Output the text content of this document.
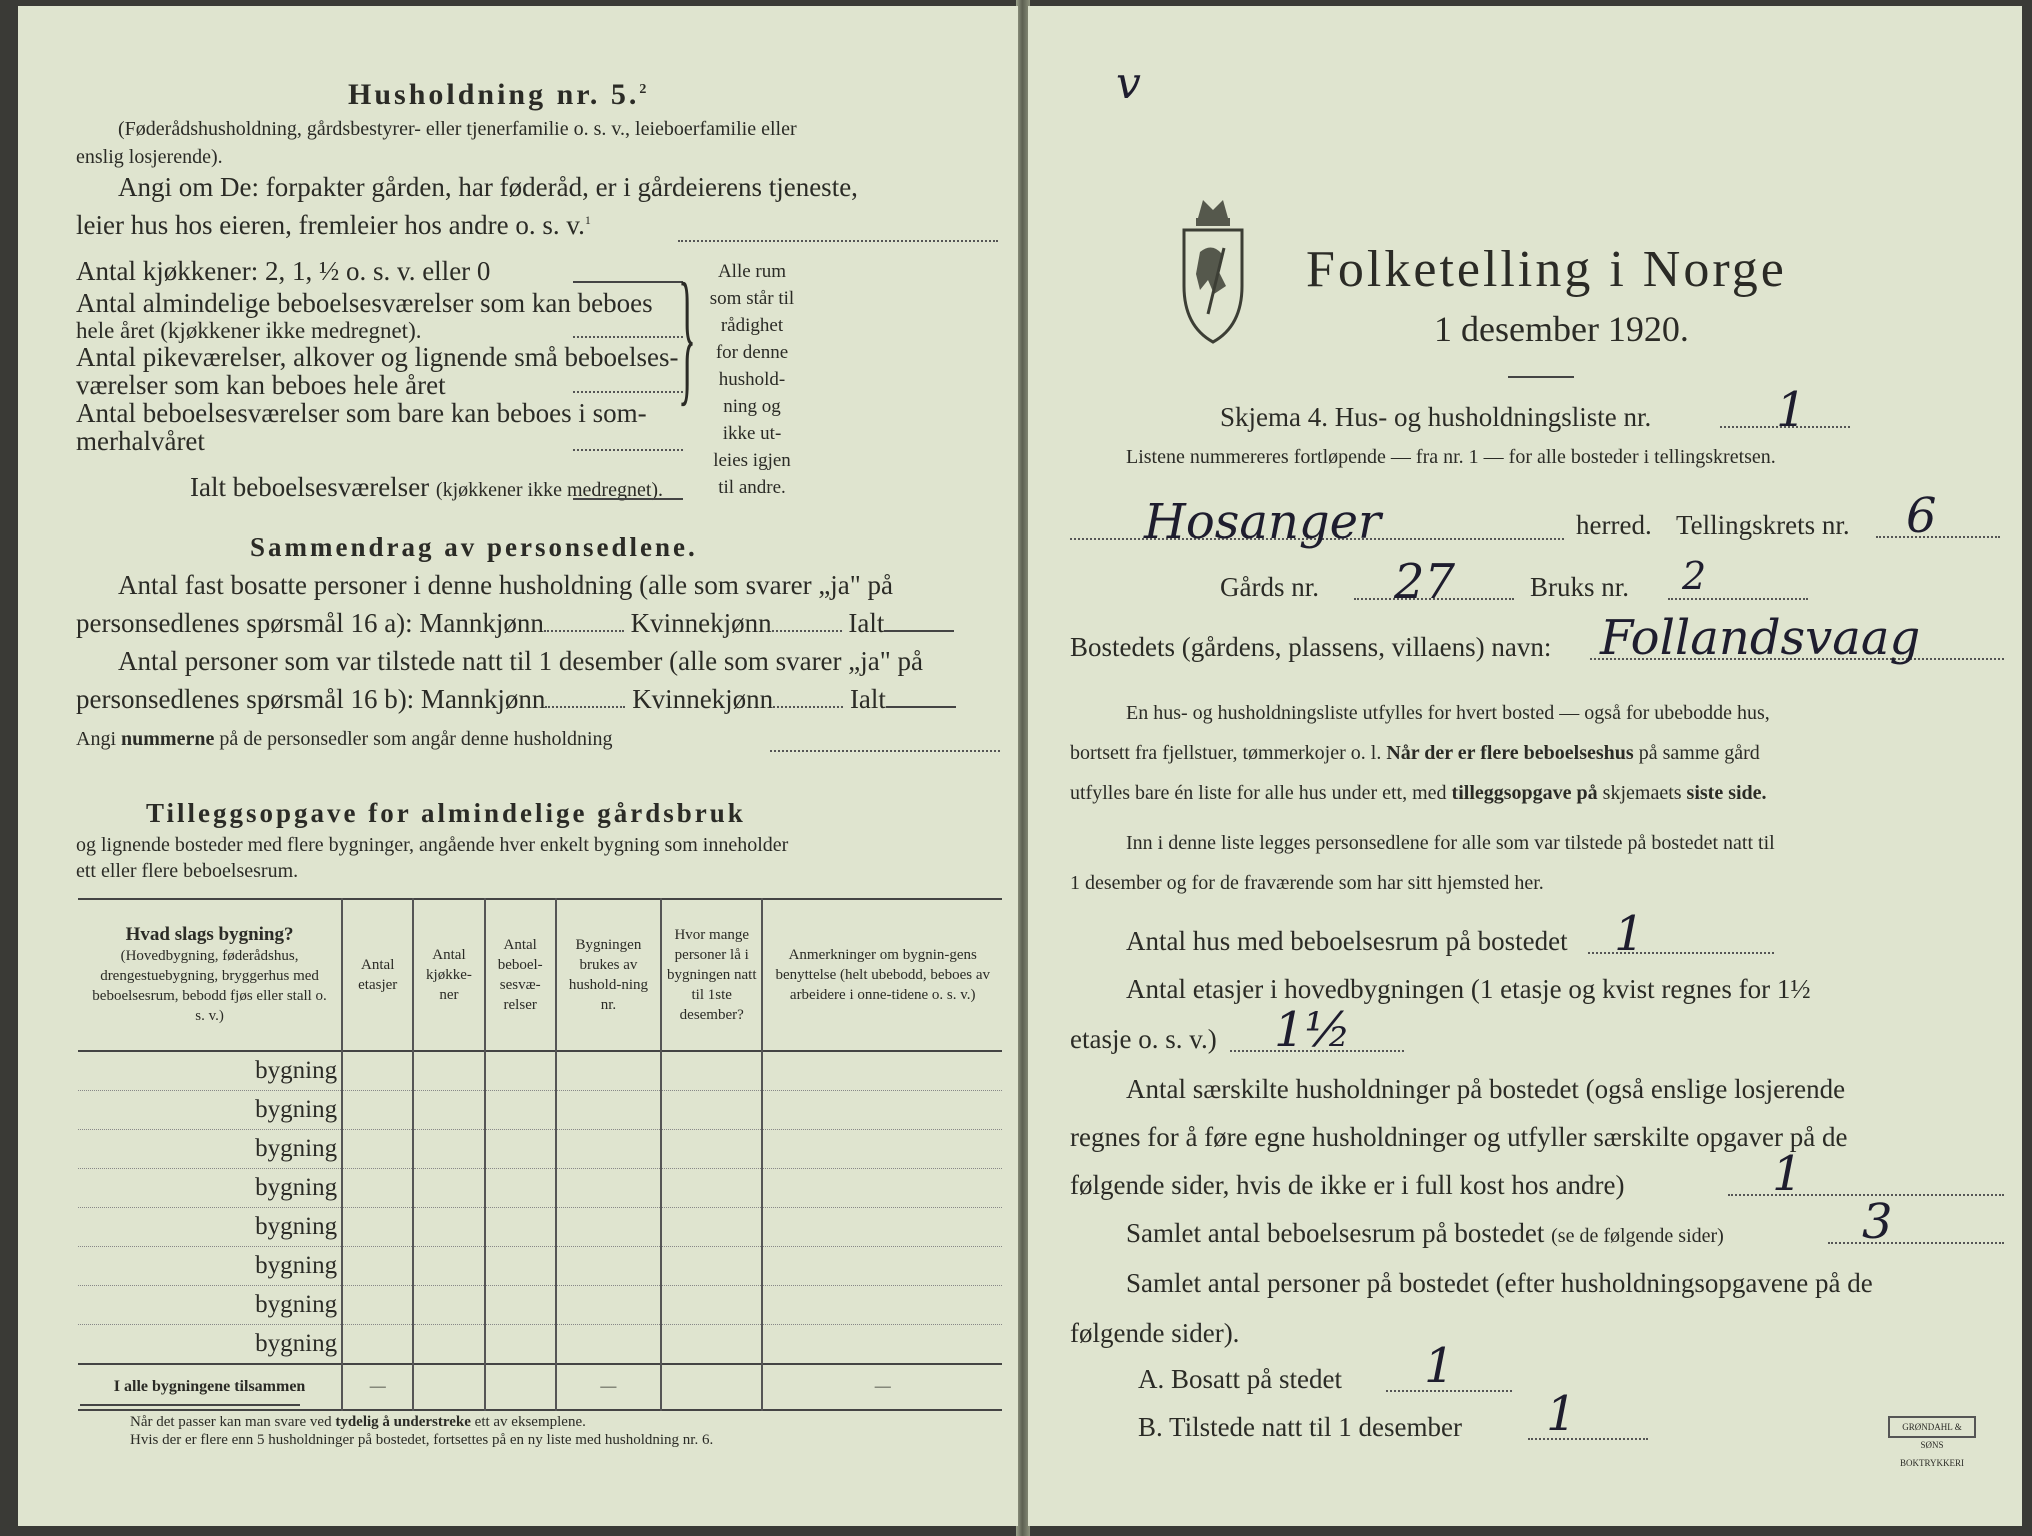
Husholdning nr. 5.$^2$
(Føderådshusholdning, gårdsbestyrer- eller tjenerfamilie o. s. v., leieboerfamilie eller
enslig losjerende).
Angi om De: forpakter gården, har føderåd, er i gårdeierens tjeneste,
leier hus hos eieren, fremleier hos andre o. s. v.$^1$
Antal kjøkkener: 2, 1, ½ o. s. v. eller 0
Antal almindelige beboelsesværelser som kan beboes
hele året (kjøkkener ikke medregnet).
Antal pikeværelser, alkover og lignende små beboelses-
værelser som kan beboes hele året
Antal beboelsesværelser som bare kan beboes i som-
merhalvåret
Ialt beboelsesværelser (kjøkkener ikke medregnet).
}	Alle rum
som står til
rådighet
for denne
hushold-
ning og
ikke ut-
leies igjen
til andre.
Sammendrag av personsedlene.
Antal fast bosatte personer i denne husholdning (alle som svarer „ja" på
personsedlenes spørsmål 16 a): Mannkjønn	Kvinnekjønn	Ialt
Antal personer som var tilstede natt til 1 desember (alle som svarer „ja" på
personsedlenes spørsmål 16 b): Mannkjønn	Kvinnekjønn	Ialt
Angi nummerne på de personsedler som angår denne husholdning
Tilleggsopgave for almindelige gårdsbruk
og lignende bosteder med flere bygninger, angående hver enkelt bygning som inneholder
ett eller flere beboelsesrum.
Hvad slags bygning?
(Hovedbygning, føderådshus, drengestuebygning, bryggerhus med beboelsesrum, bebodd fjøs eller stall o. s. v.)	Antal etasjer	Antal kjøkke-ner	Antal beboel-sesvæ-relser	Bygningen brukes av hushold-ning nr.	Hvor mange personer lå i bygningen natt til 1ste desember?	Anmerkninger om bygnin-gens benyttelse (helt ubebodd, beboes av arbeidere i onne-tidene o. s. v.)
bygning						
bygning						
bygning						
bygning						
bygning						
bygning						
bygning						
bygning						
I alle bygningene tilsammen	—			—		—
Når det passer kan man svare ved tydelig å understreke ett av eksemplene.
Hvis der er flere enn 5 husholdninger på bostedet, fortsettes på en ny liste med husholdning nr. 6.
v
Folketelling i Norge
1 desember 1920.
Skjema 4. Hus- og husholdningsliste nr.	1
Listene nummereres fortløpende — fra nr. 1 — for alle bosteder i tellingskretsen.
Hosanger	herred. Tellingskrets nr. 6
Gårds nr. 27	Bruks nr. 2
Bostedets (gårdens, plassens, villaens) navn: Follandsvaag
En hus- og husholdningsliste utfylles for hvert bosted — også for ubebodde hus,
bortsett fra fjellstuer, tømmerkojer o. l. Når der er flere beboelseshus på samme gård
utfylles bare én liste for alle hus under ett, med tilleggsopgave på skjemaets siste side.
Inn i denne liste legges personsedlene for alle som var tilstede på bostedet natt til
1 desember og for de fraværende som har sitt hjemsted her.
Antal hus med beboelsesrum på bostedet 1
Antal etasjer i hovedbygningen (1 etasje og kvist regnes for 1½
etasje o. s. v.) 1½
Antal særskilte husholdninger på bostedet (også enslige losjerende
regnes for å føre egne husholdninger og utfyller særskilte opgaver på de
følgende sider, hvis de ikke er i full kost hos andre)	1
Samlet antal beboelsesrum på bostedet (se de følgende sider)	3
Samlet antal personer på bostedet (efter husholdningsopgavene på de
følgende sider).
A. Bosatt på stedet 1
B. Tilstede natt til 1 desember 1	GRØNDAHL & SØNS BOKTRYKKERI
